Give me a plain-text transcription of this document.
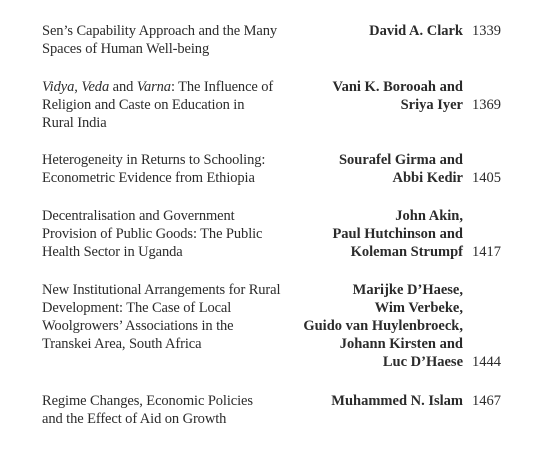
Sen’s Capability Approach and the Many
Spaces of Human Well-being
David A. Clark 1339
Vidya, Veda and Varna: The Influence of
Religion and Caste on Education in
Rural India
Vani K. Borooah and
Sriya Iyer 1369
Heterogeneity in Returns to Schooling:
Econometric Evidence from Ethiopia
Sourafel Girma and
Abbi Kedir 1405
Decentralisation and Government
Provision of Public Goods: The Public
Health Sector in Uganda
John Akin,
Paul Hutchinson and
Koleman Strumpf 1417
New Institutional Arrangements for Rural
Development: The Case of Local
Woolgrowers’ Associations in the
Transkei Area, South Africa
Marijke D’Haese,
Wim Verbeke,
Guido van Huylenbroeck,
Johann Kirsten and
Luc D’Haese 1444
Regime Changes, Economic Policies
and the Effect of Aid on Growth
Muhammed N. Islam 1467
